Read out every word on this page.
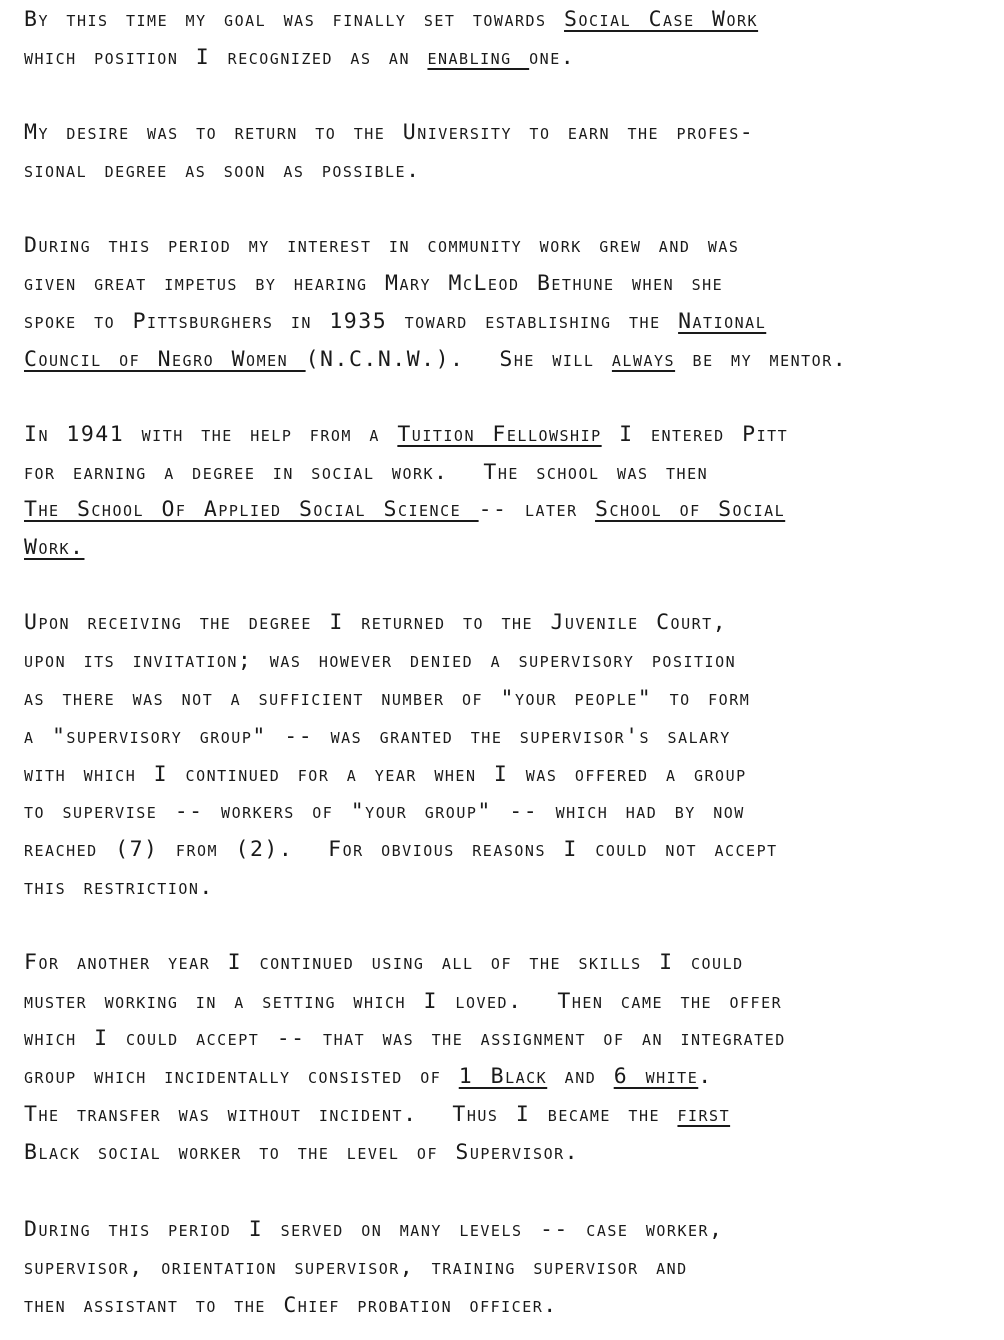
By this time my goal was finally set towards Social Case Work
which position I recognized as an enabling one.
My desire was to return to the University to earn the profes-
sional degree as soon as possible.
During this period my interest in community work grew and was
given great impetus by hearing Mary McLeod Bethune when she
spoke to Pittsburghers in 1935 toward establishing the National
Council of Negro Women (N.C.N.W.).  She will always be my mentor.
In 1941 with the help from a Tuition Fellowship I entered Pitt
for earning a degree in social work.  The school was then
The School Of Applied Social Science -- later School of Social
Work.
Upon receiving the degree I returned to the Juvenile Court,
upon its invitation; was however denied a supervisory position
as there was not a sufficient number of "your people" to form
a "supervisory group" -- was granted the supervisor's salary
with which I continued for a year when I was offered a group
to supervise -- workers of "your group" -- which had by now
reached (7) from (2).  For obvious reasons I could not accept
this restriction.
For another year I continued using all of the skills I could
muster working in a setting which I loved.  Then came the offer
which I could accept -- that was the assignment of an integrated
group which incidentally consisted of 1 Black and 6 white.
The transfer was without incident.  Thus I became the first
Black social worker to the level of Supervisor.
During this period I served on many levels -- case worker,
supervisor, orientation supervisor, training supervisor and
then assistant to the Chief probation officer.
